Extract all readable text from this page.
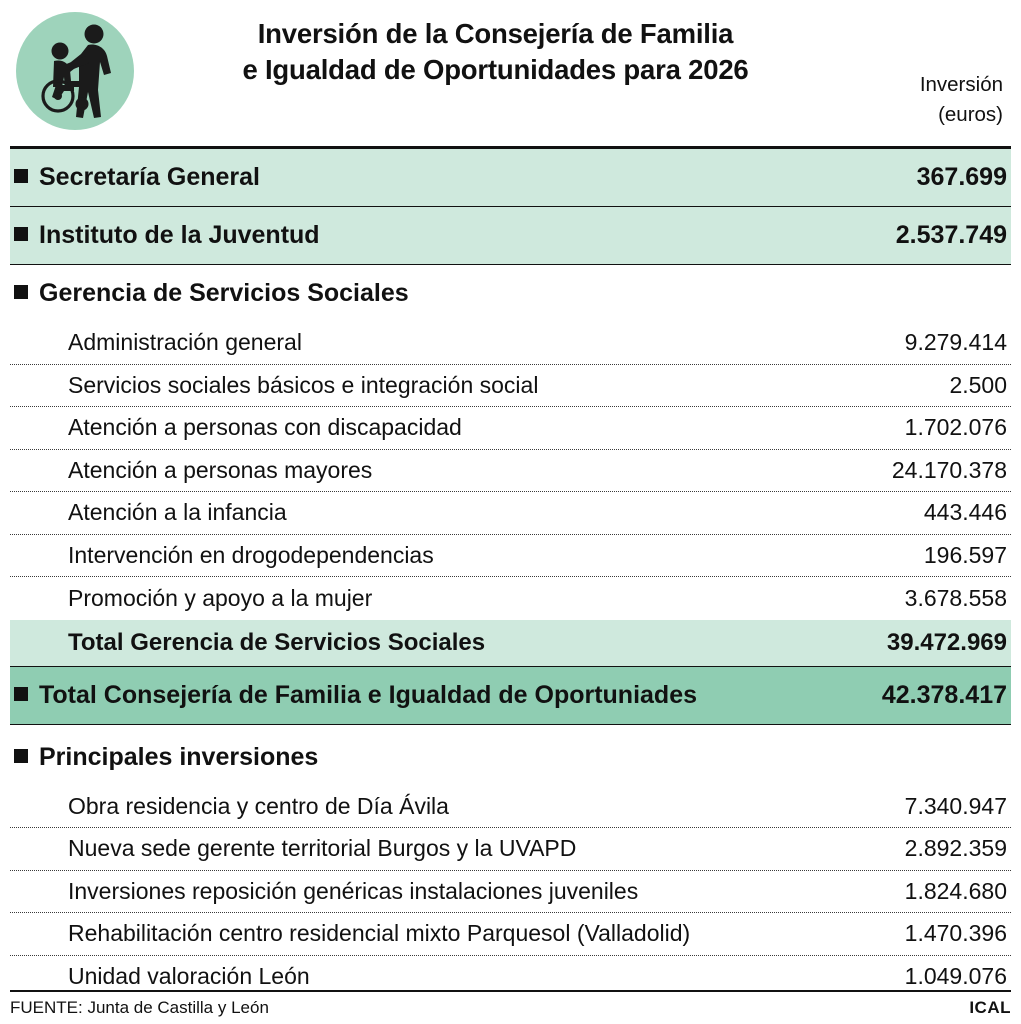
Inversión de la Consejería de Familia
e Igualdad de Oportunidades para 2026	Inversión
(euros)
Secretaría General	367.699
Instituto de la Juventud	2.537.749
Gerencia de Servicios Sociales
Administración general	9.279.414
Servicios sociales básicos e integración social	2.500
Atención a personas con discapacidad	1.702.076
Atención a personas mayores	24.170.378
Atención a la infancia	443.446
Intervención en drogodependencias	196.597
Promoción y apoyo a la mujer	3.678.558
Total Gerencia de Servicios Sociales	39.472.969
Total Consejería de Familia e Igualdad de Oportuniades	42.378.417
Principales inversiones
Obra residencia y centro de Día Ávila	7.340.947
Nueva sede gerente territorial Burgos y la UVAPD	2.892.359
Inversiones reposición genéricas instalaciones juveniles	1.824.680
Rehabilitación centro residencial mixto Parquesol (Valladolid)	1.470.396
Unidad valoración León	1.049.076
FUENTE: Junta de Castilla y León	ICAL
